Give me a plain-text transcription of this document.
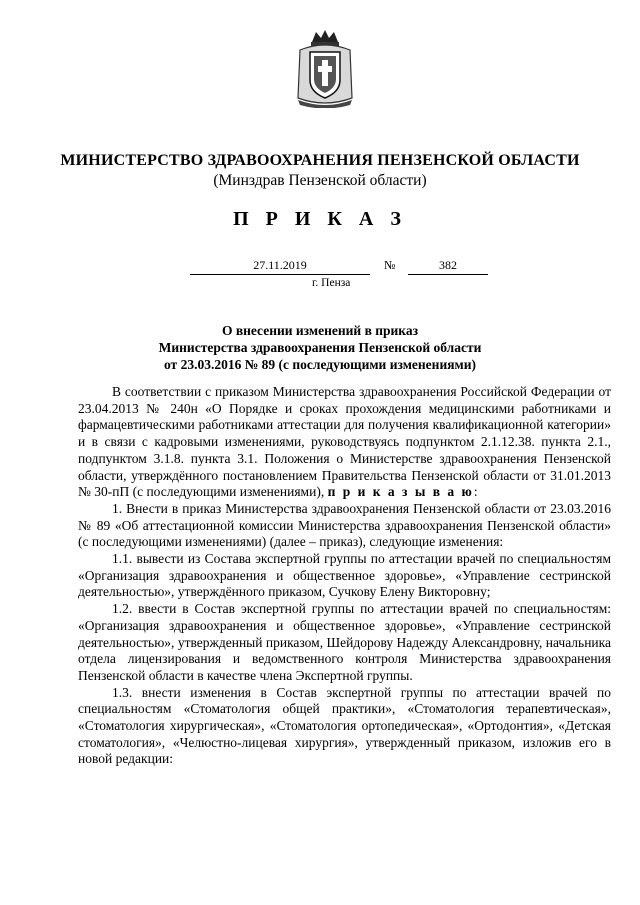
МИНИСТЕРСТВО ЗДРАВООХРАНЕНИЯ ПЕНЗЕНСКОЙ ОБЛАСТИ
(Минздрав Пензенской области)
П Р И К А З
27.11.2019	№	382
г. Пенза
О внесении изменений в приказ
Министерства здравоохранения Пензенской области
от 23.03.2016 № 89 (с последующими изменениями)

В соответствии с приказом Министерства здравоохранения Российской Федерации от 23.04.2013 № 240н «О Порядке и сроках прохождения медицинскими работниками и фармацевтическими работниками аттестации для получения квалификационной категории» и в связи с кадровыми изменениями, руководствуясь подпунктом 2.1.12.38. пункта 2.1., подпунктом 3.1.8. пункта 3.1. Положения о Министерстве здравоохранения Пензенской области, утверждённого постановлением Правительства Пензенской области от 31.01.2013 № 30-пП (с последующими изменениями), п р и к а з ы в а ю:

1. Внести в приказ Министерства здравоохранения Пензенской области от 23.03.2016 № 89 «Об аттестационной комиссии Министерства здравоохранения Пензенской области» (с последующими изменениями) (далее – приказ), следующие изменения:

1.1. вывести из Состава экспертной группы по аттестации врачей по специальностям «Организация здравоохранения и общественное здоровье», «Управление сестринской деятельностью», утверждённого приказом, Сучкову Елену Викторовну;

1.2. ввести в Состав экспертной группы по аттестации врачей по специальностям: «Организация здравоохранения и общественное здоровье», «Управление сестринской деятельностью», утвержденный приказом, Шейдорову Надежду Александровну, начальника отдела лицензирования и ведомственного контроля Министерства здравоохранения Пензенской области в качестве члена Экспертной группы.

1.3. внести изменения в Состав экспертной группы по аттестации врачей по специальностям «Стоматология общей практики», «Стоматология терапевтическая», «Стоматология хирургическая», «Стоматология ортопедическая», «Ортодонтия», «Детская стоматология», «Челюстно-лицевая хирургия», утвержденный приказом, изложив его в новой редакции:
